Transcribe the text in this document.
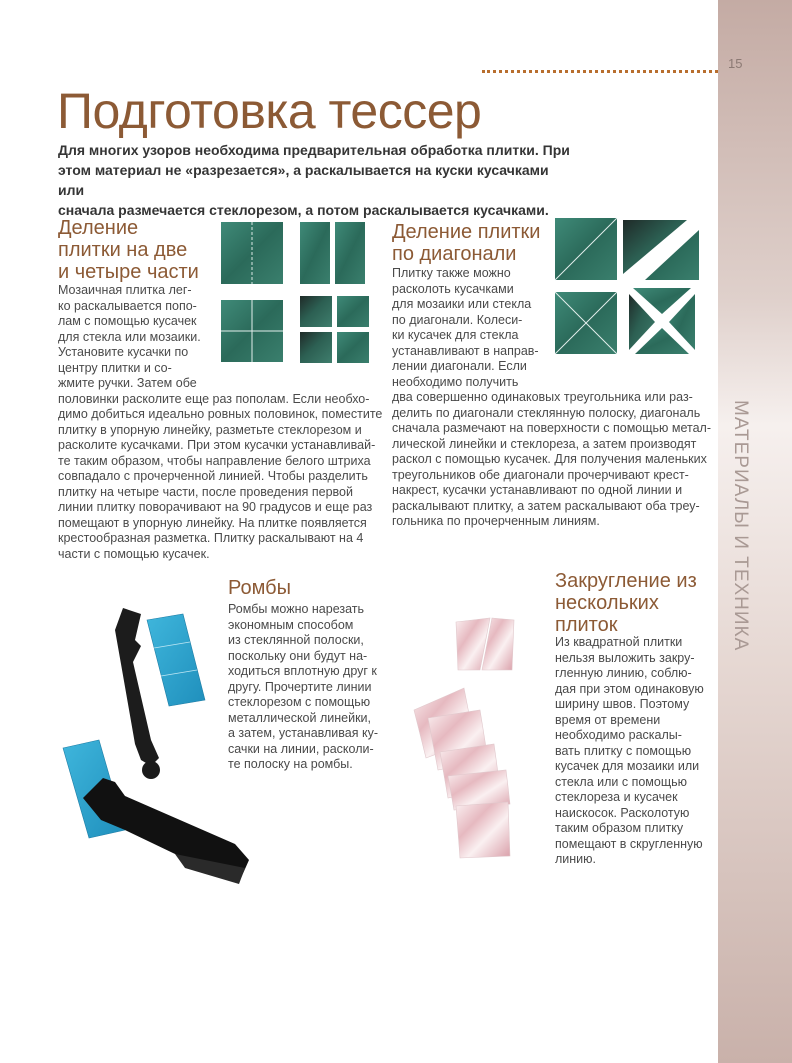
15
МАТЕРИАЛЫ И ТЕХНИКА
Подготовка тессер

Для многих узоров необходима предварительная обработка плитки. При
этом материал не «разрезается», а раскалывается на куски кусачками или
сначала размечается стеклорезом, а потом раскалывается кусачками.

Деление
плитки на две
и четыре части

Мозаичная плитка лег-
ко раскалывается попо-
лам с помощью кусачек
для стекла или мозаики.
Установите кусачки по
центру плитки и со-
жмите ручки. Затем обе
половинки расколите еще раз пополам. Если необхо-
димо добиться идеально ровных половинок, поместите
плитку в упорную линейку, разметьте стеклорезом и
расколите кусачками. При этом кусачки устанавливай-
те таким образом, чтобы направление белого штриха
совпадало с прочерченной линией. Чтобы разделить
плитку на четыре части, после проведения первой
линии плитку поворачивают на 90 градусов и еще раз
помещают в упорную линейку. На плитке появляется
крестообразная разметка. Плитку раскалывают на 4
части с помощью кусачек.

Деление плитки
по диагонали

Плитку также можно
расколоть кусачками
для мозаики или стекла
по диагонали. Колеси-
ки кусачек для стекла
устанавливают в направ-
лении диагонали. Если
необходимо получить
два совершенно одинаковых треугольника или раз-
делить по диагонали стеклянную полоску, диагональ
сначала размечают на поверхности с помощью метал-
лической линейки и стеклореза, а затем производят
раскол с помощью кусачек. Для получения маленьких
треугольников обе диагонали прочерчивают крест-
накрест, кусачки устанавливают по одной линии и
раскалывают плитку, а затем раскалывают оба треу-
гольника по прочерченным линиям.

Ромбы

Ромбы можно нарезать
экономным способом
из стеклянной полоски,
поскольку они будут на-
ходиться вплотную друг к
другу. Прочертите линии
стеклорезом с помощью
металлической линейки,
а затем, устанавливая ку-
сачки на линии, расколи-
те полоску на ромбы.

Закругление из
нескольких
плиток

Из квадратной плитки
нельзя выложить закру-
гленную линию, соблю-
дая при этом одинаковую
ширину швов. Поэтому
время от времени
необходимо раскалы-
вать плитку с помощью
кусачек для мозаики или
стекла или с помощью
стеклореза и кусачек
наискосок. Расколотую
таким образом плитку
помещают в скругленную
линию.
